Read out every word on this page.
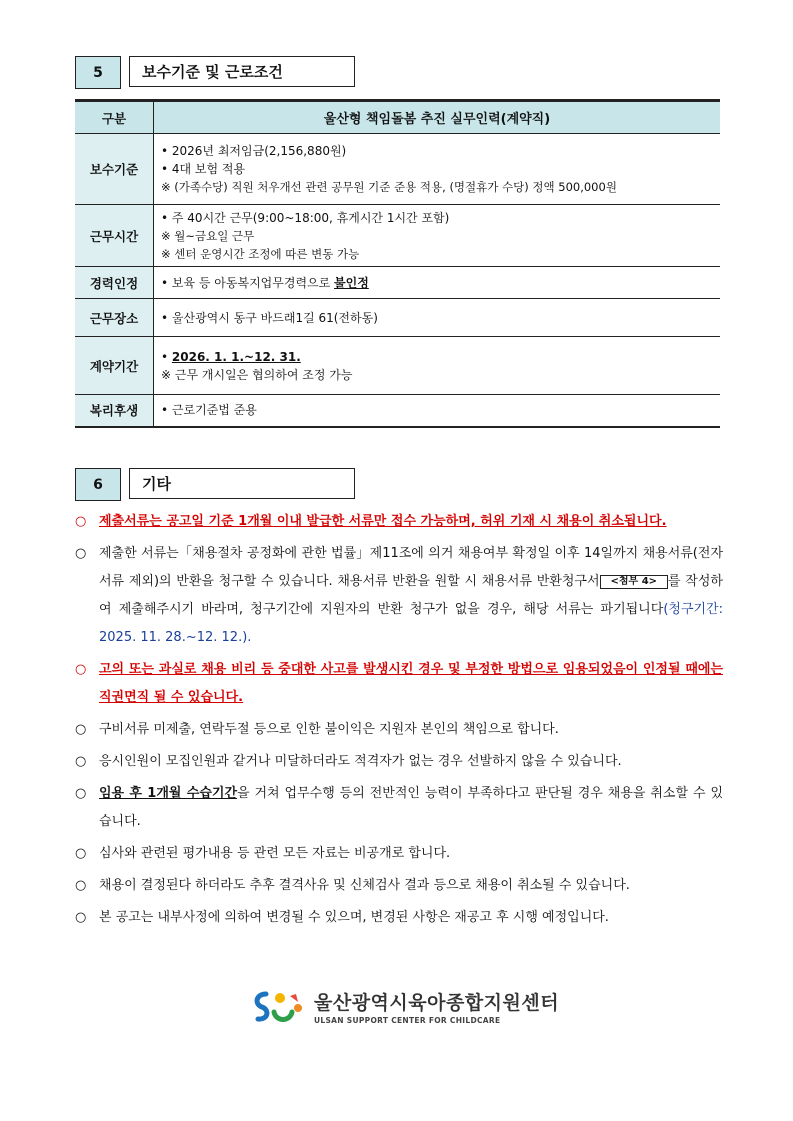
5	보수기준 및 근로조건
구분	울산형 책임돌봄 추진 실무인력(계약직)
보수기준	• 2026년 최저임금(2,156,880원)
• 4대 보험 적용
※ (가족수당) 직원 처우개선 관련 공무원 기준 준용 적용, (명절휴가 수당) 정액 500,000원

근무시간	• 주 40시간 근무(9:00~18:00, 휴게시간 1시간 포함)
※ 월~금요일 근무
※ 센터 운영시간 조정에 따른 변동 가능

경력인정	• 보육 등 아동복지업무경력으로 불인정
근무장소	• 울산광역시 동구 바드래1길 61(전하동)
계약기간	• 2026. 1. 1.~12. 31.
※ 근무 개시일은 협의하여 조정 가능

복리후생	• 근로기준법 준용
6	기타
○ 제출서류는 공고일 기준 1개월 이내 발급한 서류만 접수 가능하며, 허위 기재 시 채용이 취소됩니다.
○ 제출한 서류는「채용절차 공정화에 관한 법률」제11조에 의거 채용여부 확정일 이후 14일까지 채용서류(전자서류 제외)의 반환을 청구할 수 있습니다. 채용서류 반환을 원할 시 채용서류 반환청구서 <첨부 4> 를 작성하여 제출해주시기 바라며, 청구기간에 지원자의 반환 청구가 없을 경우, 해당 서류는 파기됩니다(청구기간: 2025. 11. 28.~12. 12.).
○ 고의 또는 과실로 채용 비리 등 중대한 사고를 발생시킨 경우 및 부정한 방법으로 임용되었음이 인정될 때에는 직권면직 될 수 있습니다.
○ 구비서류 미제출, 연락두절 등으로 인한 불이익은 지원자 본인의 책임으로 합니다.
○ 응시인원이 모집인원과 같거나 미달하더라도 적격자가 없는 경우 선발하지 않을 수 있습니다.
○ 임용 후 1개월 수습기간을 거쳐 업무수행 등의 전반적인 능력이 부족하다고 판단될 경우 채용을 취소할 수 있습니다.
○ 심사와 관련된 평가내용 등 관련 모든 자료는 비공개로 합니다.
○ 채용이 결정된다 하더라도 추후 결격사유 및 신체검사 결과 등으로 채용이 취소될 수 있습니다.
○ 본 공고는 내부사정에 의하여 변경될 수 있으며, 변경된 사항은 재공고 후 시행 예정입니다.
울산광역시육아종합지원센터
ULSAN SUPPORT CENTER FOR CHILDCARE
